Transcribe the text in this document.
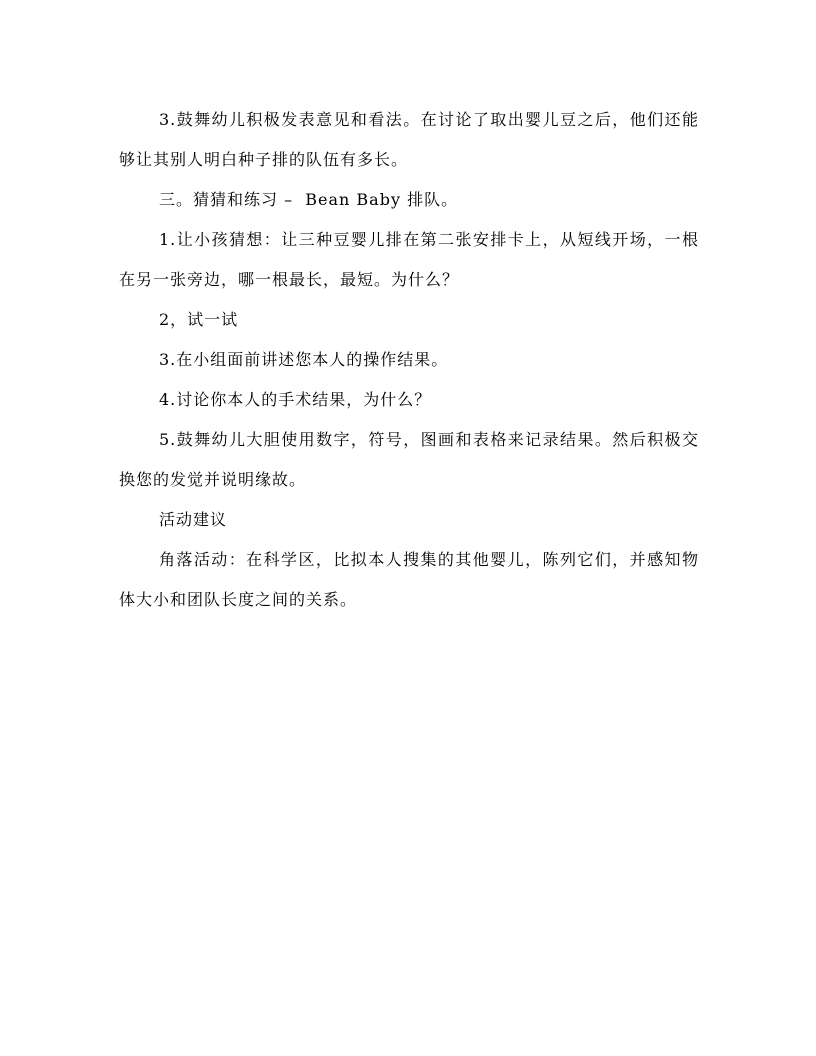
3.鼓舞幼儿积极发表意见和看法。在讨论了取出婴儿豆之后，他们还能够让其别人明白种子排的队伍有多长。

三。猜猜和练习 –  Bean Baby 排队。

1.让小孩猜想：让三种豆婴儿排在第二张安排卡上，从短线开场，一根在另一张旁边，哪一根最长，最短。为什么？

2，试一试

3.在小组面前讲述您本人的操作结果。

4.讨论你本人的手术结果，为什么？

5.鼓舞幼儿大胆使用数字，符号，图画和表格来记录结果。然后积极交换您的发觉并说明缘故。

活动建议

角落活动：在科学区，比拟本人搜集的其他婴儿，陈列它们，并感知物体大小和团队长度之间的关系。
